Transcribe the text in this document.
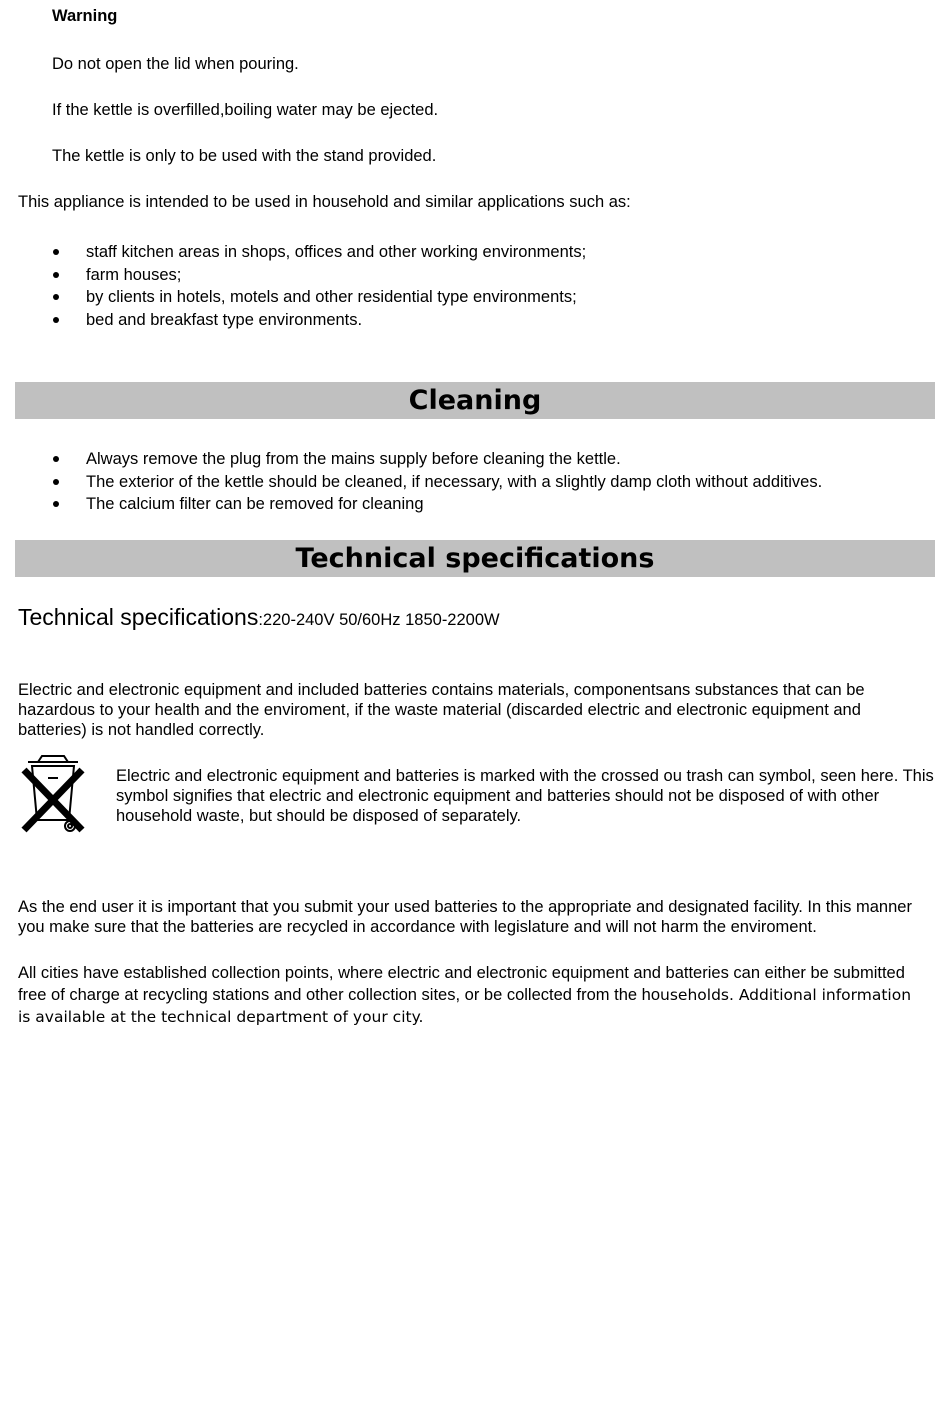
Warning
Do not open the lid when pouring.
If the kettle is overfilled,boiling water may be ejected.
The kettle is only to be used with the stand provided.
This appliance is intended to be used in household and similar applications such as:
staff kitchen areas in shops, offices and other working environments;
farm houses;
by clients in hotels, motels and other residential type environments;
bed and breakfast type environments.
Cleaning
Always remove the plug from the mains supply before cleaning the kettle.
The exterior of the kettle should be cleaned, if necessary, with a slightly damp cloth without additives.
The calcium filter can be removed for cleaning
Technical specifications
Technical specifications:220-240V 50/60Hz 1850-2200W
Electric and electronic equipment and included batteries contains materials, componentsans substances that can be hazardous to your health and the enviroment, if the waste material (discarded electric and electronic equipment and batteries) is not handled correctly.
Electric and electronic equipment and batteries is marked with the crossed ou trash can symbol, seen here. This symbol signifies that electric and electronic equipment and batteries should not be disposed of with other household waste, but should be disposed of separately.
As the end user it is important that you submit your used batteries to the appropriate and designated facility. In this manner you make sure that the batteries are recycled in accordance with legislature and will not harm the enviroment.
All cities have established collection points, where electric and electronic equipment and batteries can either be submitted free of charge at recycling stations and other collection sites, or be collected from the households. Additional information is available at the technical department of your city.
